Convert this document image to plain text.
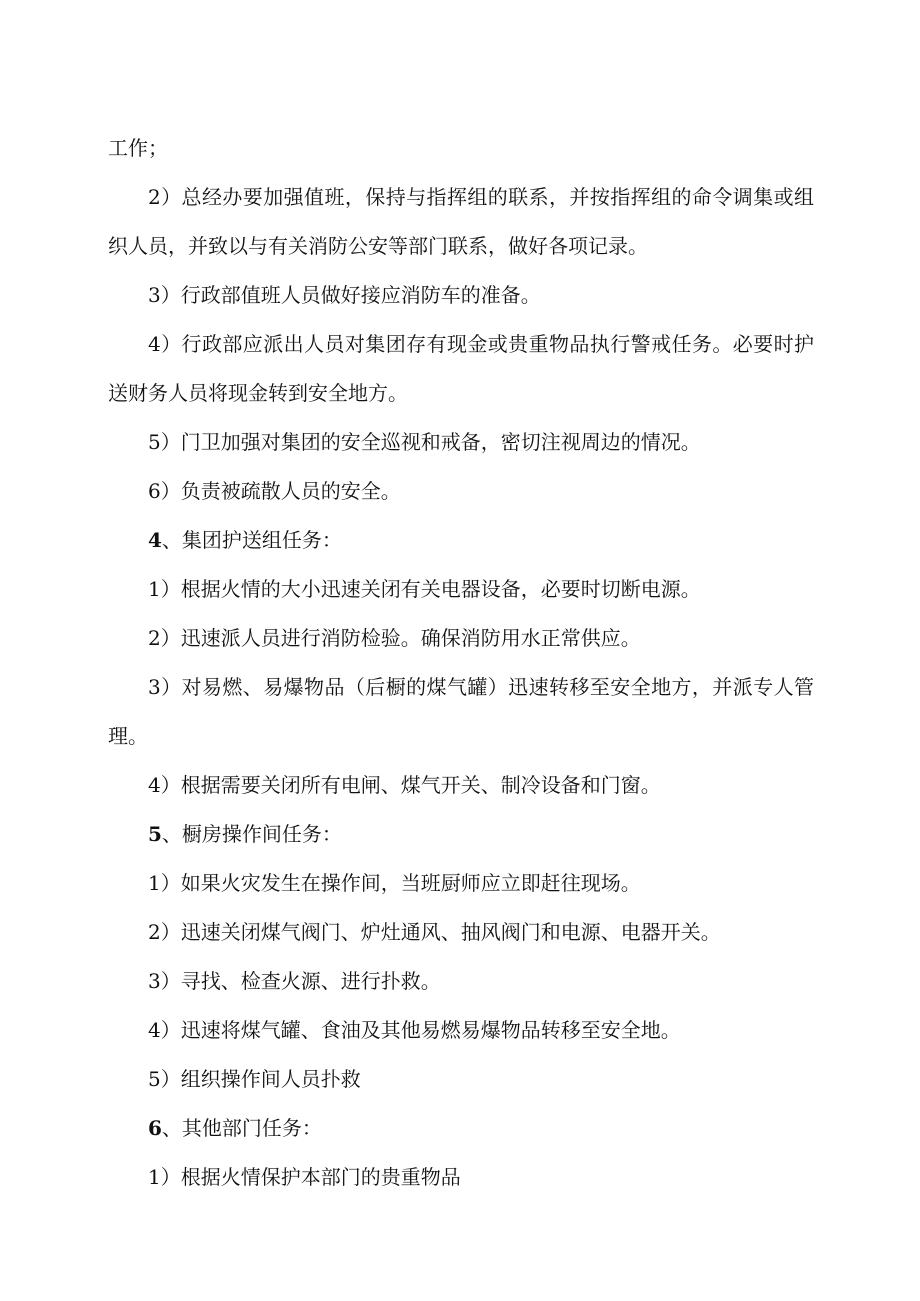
工作；

2）总经办要加强值班，保持与指挥组的联系，并按指挥组的命令调集或组织人员，并致以与有关消防公安等部门联系，做好各项记录。

3）行政部值班人员做好接应消防车的准备。

4）行政部应派出人员对集团存有现金或贵重物品执行警戒任务。必要时护送财务人员将现金转到安全地方。

5）门卫加强对集团的安全巡视和戒备，密切注视周边的情况。

6）负责被疏散人员的安全。

4、集团护送组任务：

1）根据火情的大小迅速关闭有关电器设备，必要时切断电源。

2）迅速派人员进行消防检验。确保消防用水正常供应。

3）对易燃、易爆物品（后橱的煤气罐）迅速转移至安全地方，并派专人管理。

4）根据需要关闭所有电闸、煤气开关、制冷设备和门窗。

5、橱房操作间任务：

1）如果火灾发生在操作间，当班厨师应立即赶往现场。

2）迅速关闭煤气阀门、炉灶通风、抽风阀门和电源、电器开关。

3）寻找、检查火源、进行扑救。

4）迅速将煤气罐、食油及其他易燃易爆物品转移至安全地。

5）组织操作间人员扑救

6、其他部门任务：

1）根据火情保护本部门的贵重物品
